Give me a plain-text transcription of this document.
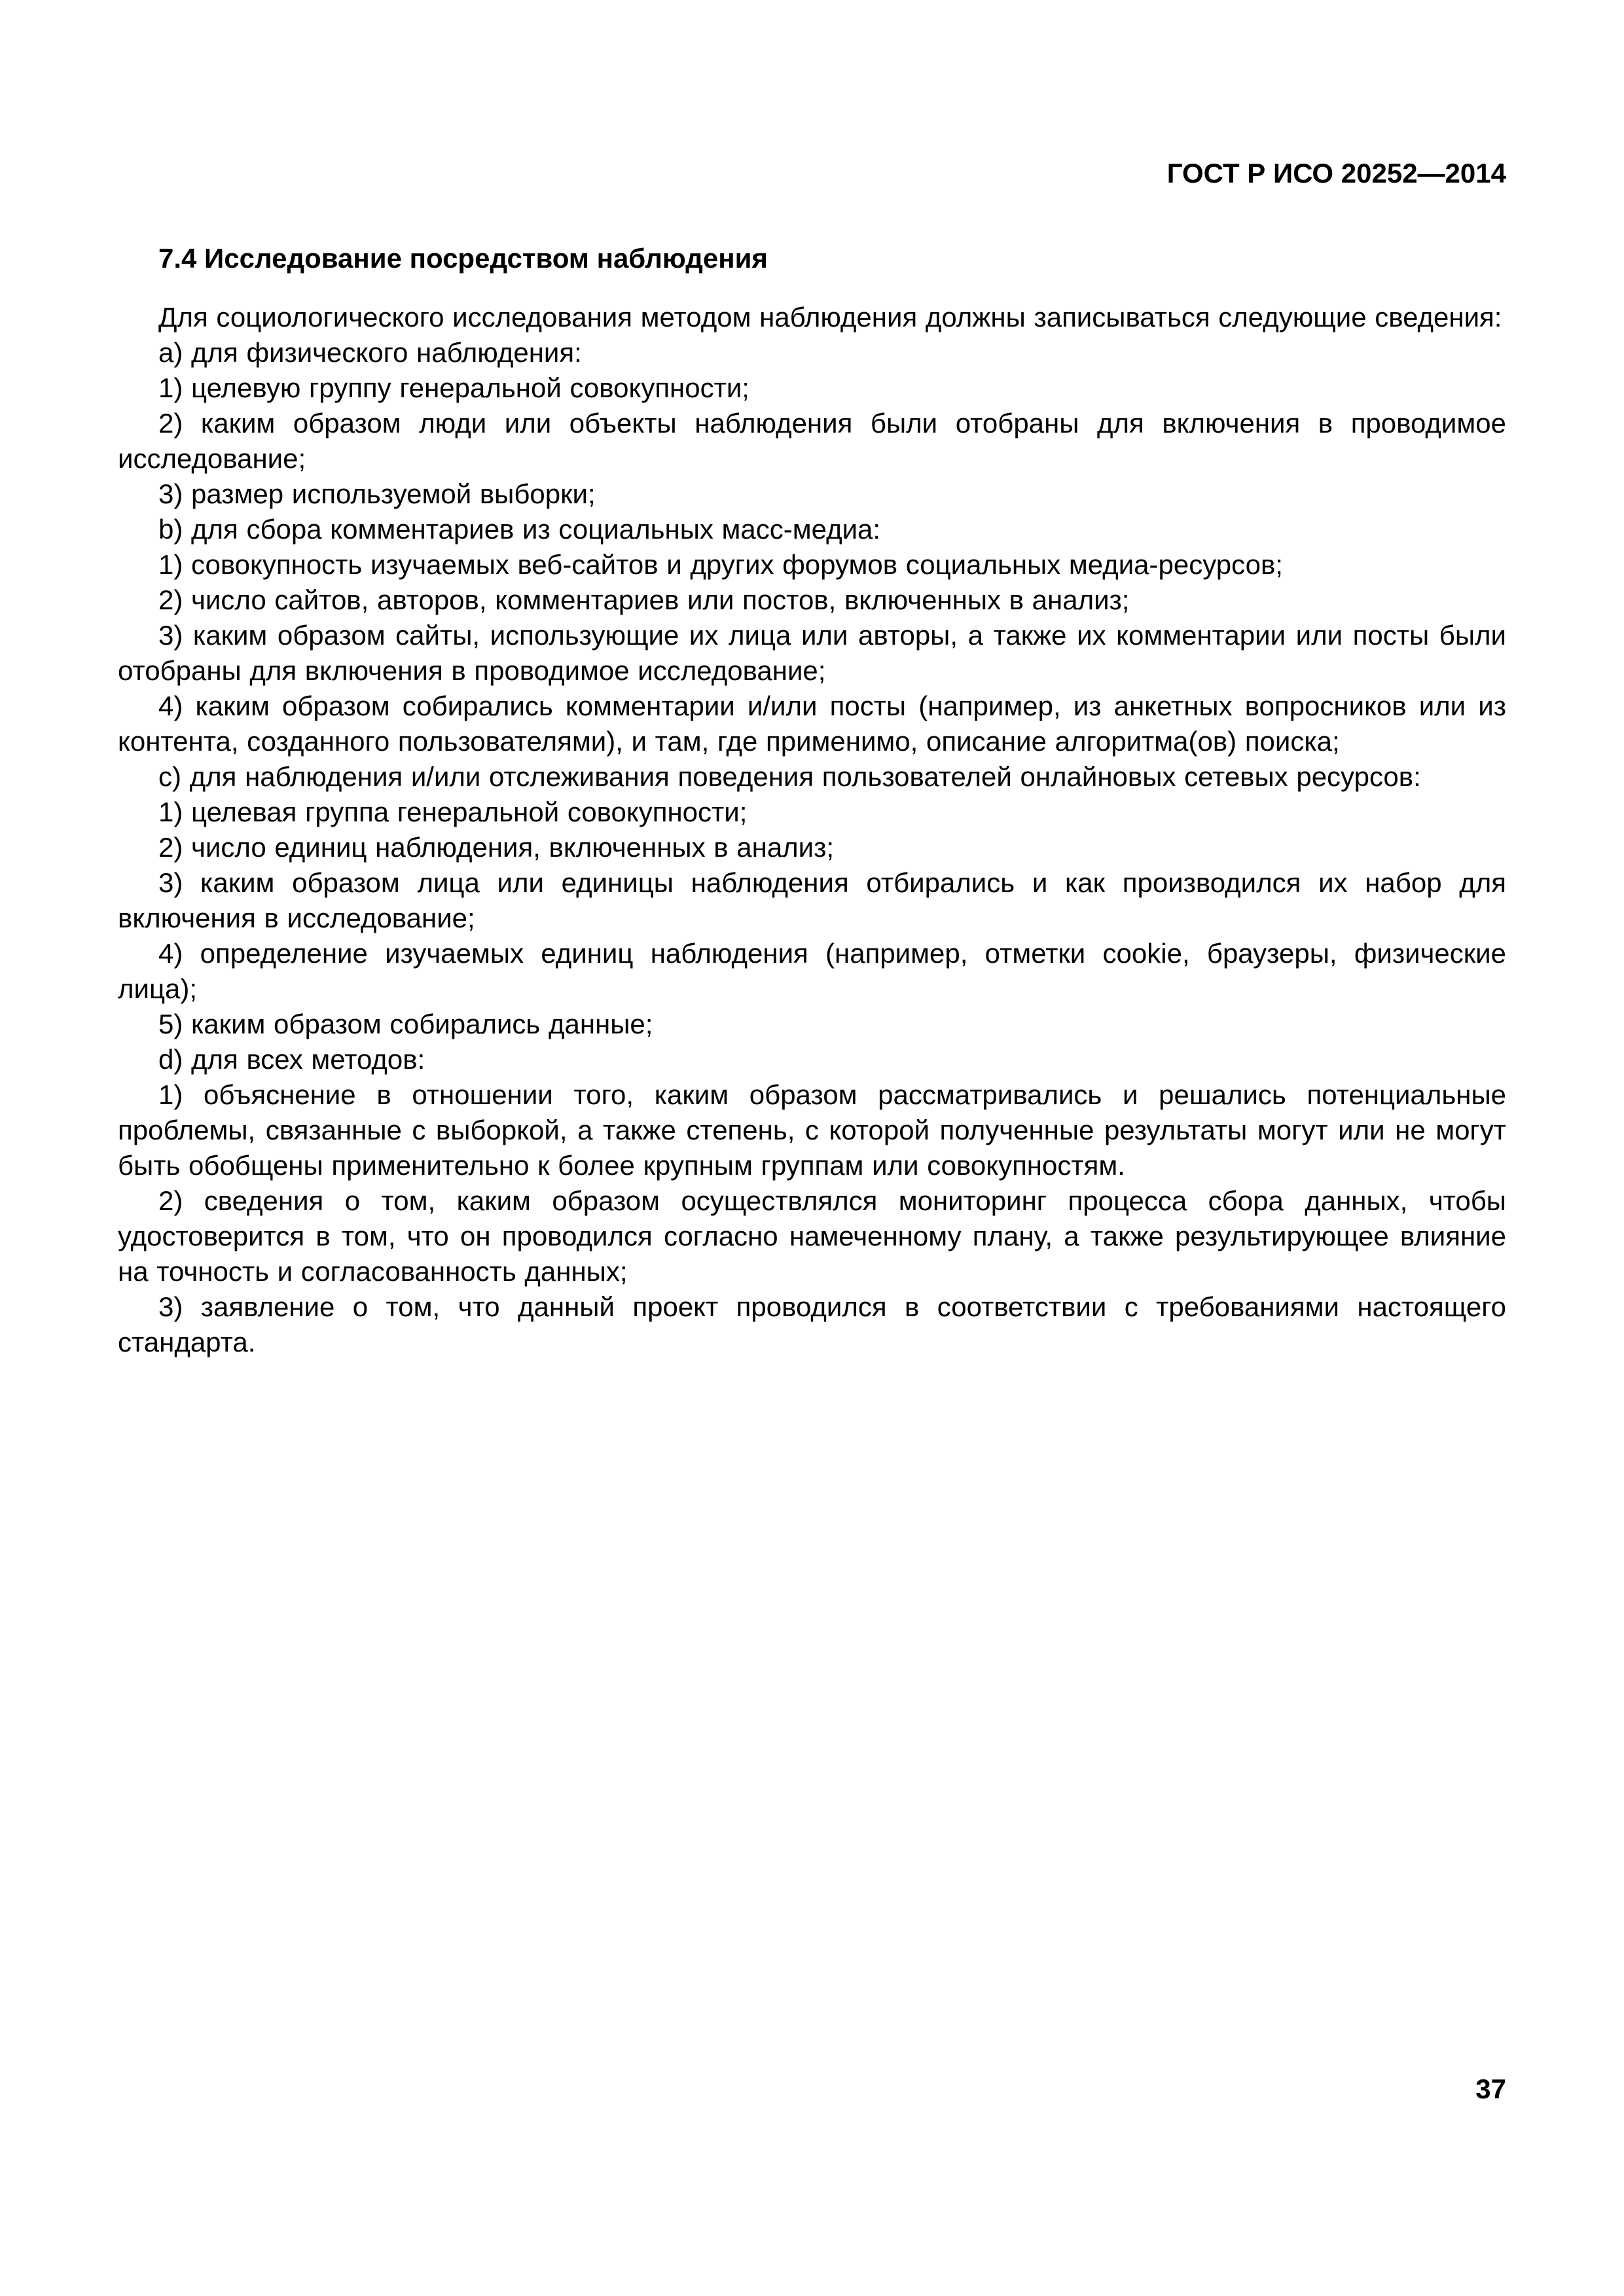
ГОСТ Р ИСО 20252—2014
7.4 Исследование посредством наблюдения

Для социологического исследования методом наблюдения должны записываться следующие сведения:

a) для физического наблюдения:

1) целевую группу генеральной совокупности;

2) каким образом люди или объекты наблюдения были отобраны для включения в проводимое исследование;

3) размер используемой выборки;

b) для сбора комментариев из социальных масс-медиа:

1) совокупность изучаемых веб-сайтов и других форумов социальных медиа-ресурсов;

2) число сайтов, авторов, комментариев или постов, включенных в анализ;

3) каким образом сайты, использующие их лица или авторы, а также их комментарии или посты были отобраны для включения в проводимое исследование;

4) каким образом собирались комментарии и/или посты (например, из анкетных вопросников или из контента, созданного пользователями), и там, где применимо, описание алгоритма(ов) поиска;

c) для наблюдения и/или отслеживания поведения пользователей онлайновых сетевых ресурсов:

1) целевая группа генеральной совокупности;

2) число единиц наблюдения, включенных в анализ;

3) каким образом лица или единицы наблюдения отбирались и как производился их набор для включения в исследование;

4) определение изучаемых единиц наблюдения (например, отметки cookie, браузеры, физические лица);

5) каким образом собирались данные;

d) для всех методов:

1) объяснение в отношении того, каким образом рассматривались и решались потенциальные проблемы, связанные с выборкой, а также степень, с которой полученные результаты могут или не могут быть обобщены применительно к более крупным группам или совокупностям.

2) сведения о том, каким образом осуществлялся мониторинг процесса сбора данных, чтобы удостоверится в том, что он проводился согласно намеченному плану, а также результирующее влияние на точность и согласованность данных;

3) заявление о том, что данный проект проводился в соответствии с требованиями настоящего стандарта.

37
